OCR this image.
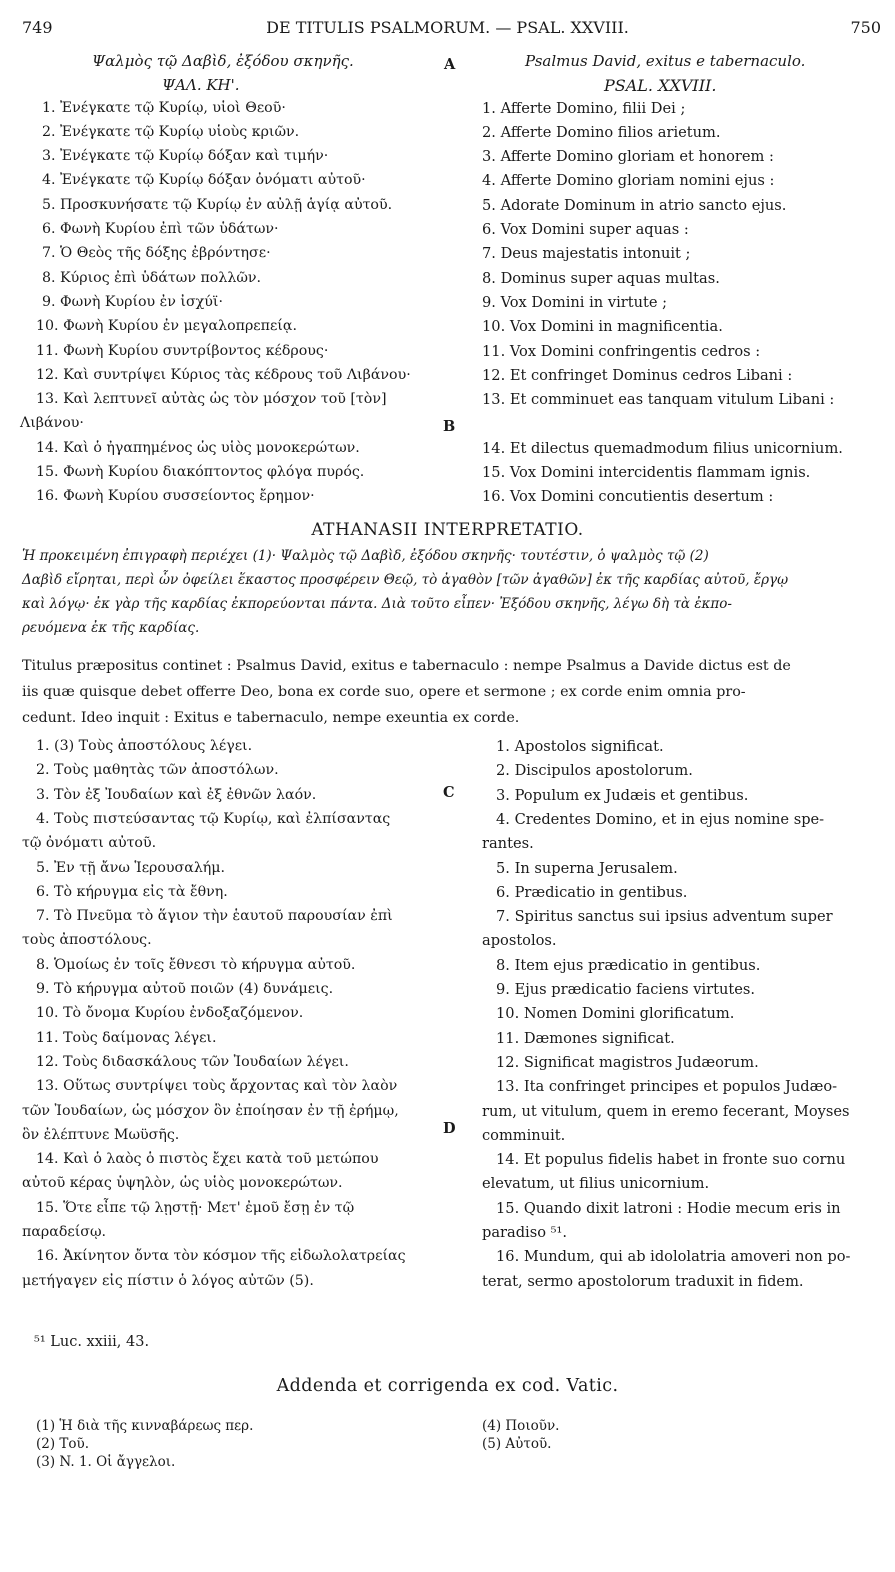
749	DE TITULIS PSALMORUM. — PSAL. XXVIII.	750
Ψαλμὸς τῷ Δαβὶδ, ἐξόδου σκηνῆς.
ΨΑΛ. ΚΗ'.
Psalmus David, exitus e tabernaculo.
PSAL. XXVIII.
A
B
C
D
1. Ἐνέγκατε τῷ Κυρίῳ, υἱοὶ Θεοῦ·
2. Ἐνέγκατε τῷ Κυρίῳ υἱοὺς κριῶν.
3. Ἐνέγκατε τῷ Κυρίῳ δόξαν καὶ τιμήν·
4. Ἐνέγκατε τῷ Κυρίῳ δόξαν ὀνόματι αὐτοῦ·
5. Προσκυνήσατε τῷ Κυρίῳ ἐν αὐλῇ ἁγίᾳ αὐτοῦ.
6. Φωνὴ Κυρίου ἐπὶ τῶν ὑδάτων·
7. Ὁ Θεὸς τῆς δόξης ἐβρόντησε·
8. Κύριος ἐπὶ ὑδάτων πολλῶν.
9. Φωνὴ Κυρίου ἐν ἰσχύϊ·
10. Φωνὴ Κυρίου ἐν μεγαλοπρεπείᾳ.
11. Φωνὴ Κυρίου συντρίβοντος κέδρους·
12. Καὶ συντρίψει Κύριος τὰς κέδρους τοῦ Λιβάνου·
13. Καὶ λεπτυνεῖ αὐτὰς ὡς τὸν μόσχον τοῦ [τὸν]
Λιβάνου·
14. Καὶ ὁ ἠγαπημένος ὡς υἱὸς μονοκερώτων.
15. Φωνὴ Κυρίου διακόπτοντος φλόγα πυρός.
16. Φωνὴ Κυρίου συσσείοντος ἔρημον·
1. Afferte Domino, filii Dei ;
2. Afferte Domino filios arietum.
3. Afferte Domino gloriam et honorem :
4. Afferte Domino gloriam nomini ejus :
5. Adorate Dominum in atrio sancto ejus.
6. Vox Domini super aquas :
7. Deus majestatis intonuit ;
8. Dominus super aquas multas.
9. Vox Domini in virtute ;
10. Vox Domini in magnificentia.
11. Vox Domini confringentis cedros :
12. Et confringet Dominus cedros Libani :
13. Et comminuet eas tanquam vitulum Libani :
14. Et dilectus quemadmodum filius unicornium.
15. Vox Domini intercidentis flammam ignis.
16. Vox Domini concutientis desertum :
ATHANASII INTERPRETATIO.
Ἡ προκειμένη ἐπιγραφὴ περιέχει (1)· Ψαλμὸς τῷ Δαβὶδ, ἐξόδου σκηνῆς· τουτέστιν, ὁ ψαλμὸς τῷ (2)
Δαβὶδ εἴρηται, περὶ ὧν ὀφείλει ἕκαστος προσφέρειν Θεῷ, τὸ ἀγαθὸν [τῶν ἀγαθῶν] ἐκ τῆς καρδίας αὐτοῦ, ἔργῳ
καὶ λόγῳ· ἐκ γὰρ τῆς καρδίας ἐκπορεύονται πάντα. Διὰ τοῦτο εἶπεν· Ἐξόδου σκηνῆς, λέγω δὴ τὰ ἐκπο-
ρευόμενα ἐκ τῆς καρδίας.
Titulus præpositus continet : Psalmus David, exitus e tabernaculo : nempe Psalmus a Davide dictus est de
iis quæ quisque debet offerre Deo, bona ex corde suo, opere et sermone ; ex corde enim omnia pro-
cedunt. Ideo inquit : Exitus e tabernaculo, nempe exeuntia ex corde.
1. (3) Τοὺς ἀποστόλους λέγει.
2. Τοὺς μαθητὰς τῶν ἀποστόλων.
3. Τὸν ἐξ Ἰουδαίων καὶ ἐξ ἐθνῶν λαόν.
4. Τοὺς πιστεύσαντας τῷ Κυρίῳ, καὶ ἐλπίσαντας
τῷ ὀνόματι αὐτοῦ.
5. Ἐν τῇ ἄνω Ἱερουσαλήμ.
6. Τὸ κήρυγμα εἰς τὰ ἔθνη.
7. Τὸ Πνεῦμα τὸ ἅγιον τὴν ἑαυτοῦ παρουσίαν ἐπὶ
τοὺς ἀποστόλους.
8. Ὁμοίως ἐν τοῖς ἔθνεσι τὸ κήρυγμα αὐτοῦ.
9. Τὸ κήρυγμα αὐτοῦ ποιῶν (4) δυνάμεις.
10. Τὸ ὄνομα Κυρίου ἐνδοξαζόμενον.
11. Τοὺς δαίμονας λέγει.
12. Τοὺς διδασκάλους τῶν Ἰουδαίων λέγει.
13. Οὕτως συντρίψει τοὺς ἄρχοντας καὶ τὸν λαὸν
τῶν Ἰουδαίων, ὡς μόσχον ὃν ἐποίησαν ἐν τῇ ἐρήμῳ,
ὃν ἐλέπτυνε Μωϋσῆς.
14. Καὶ ὁ λαὸς ὁ πιστὸς ἔχει κατὰ τοῦ μετώπου
αὐτοῦ κέρας ὑψηλὸν, ὡς υἱὸς μονοκερώτων.
15. Ὅτε εἶπε τῷ λῃστῇ· Μετ' ἐμοῦ ἔσῃ ἐν τῷ
παραδείσῳ.
16. Ἀκίνητον ὄντα τὸν κόσμον τῆς εἰδωλολατρείας
μετήγαγεν εἰς πίστιν ὁ λόγος αὐτῶν (5).
1. Apostolos significat.
2. Discipulos apostolorum.
3. Populum ex Judæis et gentibus.
4. Credentes Domino, et in ejus nomine spe-
rantes.
5. In superna Jerusalem.
6. Prædicatio in gentibus.
7. Spiritus sanctus sui ipsius adventum super
apostolos.
8. Item ejus prædicatio in gentibus.
9. Ejus prædicatio faciens virtutes.
10. Nomen Domini glorificatum.
11. Dæmones significat.
12. Significat magistros Judæorum.
13. Ita confringet principes et populos Judæo-
rum, ut vitulum, quem in eremo fecerant, Moyses
comminuit.
14. Et populus fidelis habet in fronte suo cornu
elevatum, ut filius unicornium.
15. Quando dixit latroni : Hodie mecum eris in
paradiso ⁵¹.
16. Mundum, qui ab idololatria amoveri non po-
terat, sermo apostolorum traduxit in fidem.
⁵¹ Luc. xxiii, 43.
Addenda et corrigenda ex cod. Vatic.
(1) Ἡ διὰ τῆς κινναβάρεως περ.
(2) Τοῦ.
(3) N. 1. Οἱ ἄγγελοι.
(4) Ποιοῦν.
(5) Αὐτοῦ.
